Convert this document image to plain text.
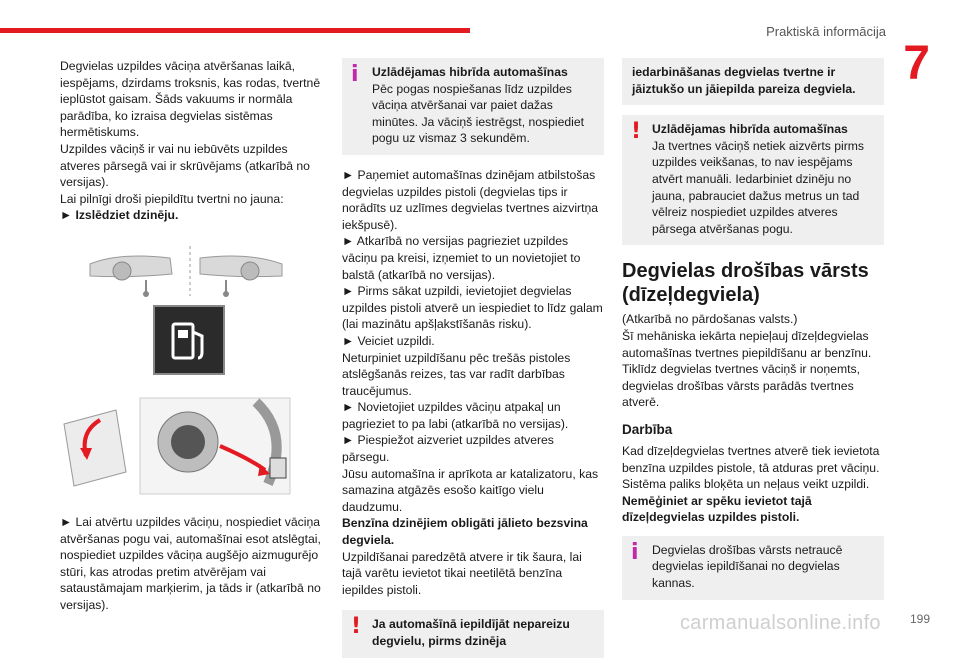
Praktiskā informācija
7

Degvielas uzpildes vāciņa atvēršanas laikā, iespējams, dzirdams troksnis, kas rodas, tvertnē ieplūstot gaisam. Šāds vakuums ir normāla parādība, ko izraisa degvielas sistēmas hermētiskums.

Uzpildes vāciņš ir vai nu iebūvēts uzpildes atveres pārsegā vai ir skrūvējams (atkarībā no versijas).

Lai pilnīgi droši piepildītu tvertni no jauna:

► Izslēdziet dzinēju.

► Lai atvērtu uzpildes vāciņu, nospiediet vāciņa atvēršanas pogu vai, automašīnai esot atslēgtai, nospiediet uzpildes vāciņa augšējo aizmugurējo stūri, kas atrodas pretim atvērējam vai sataustāmajam marķierim, ja tāds ir (atkarībā no versijas).

i Uzlādējamas hibrīda automašīnas

Pēc pogas nospiešanas līdz uzpildes vāciņa atvēršanai var paiet dažas minūtes. Ja vāciņš iestrēgst, nospiediet pogu uz vismaz 3 sekundēm.

► Paņemiet automašīnas dzinējam atbilstošas degvielas uzpildes pistoli (degvielas tips ir norādīts uz uzlīmes degvielas tvertnes aizvirtņa iekšpusē).

► Atkarībā no versijas pagrieziet uzpildes vāciņu pa kreisi, izņemiet to un novietojiet to balstā (atkarībā no versijas).

► Pirms sākat uzpildi, ievietojiet degvielas uzpildes pistoli atverē un iespiediet to līdz galam (lai mazinātu apšļakstīšanās risku).

► Veiciet uzpildi.

Neturpiniet uzpildīšanu pēc trešās pistoles atslēgšanās reizes, tas var radīt darbības traucējumus.

► Novietojiet uzpildes vāciņu atpakaļ un pagrieziet to pa labi (atkarībā no versijas).

► Piespiežot aizveriet uzpildes atveres pārsegu.

Jūsu automašīna ir aprīkota ar katalizatoru, kas samazina atgāzēs esošo kaitīgo vielu daudzumu.

Benzīna dzinējiem obligāti jālieto bezsvina degviela.

Uzpildīšanai paredzētā atvere ir tik šaura, lai tajā varētu ievietot tikai neetilētā benzīna iepildes pistoli.

! Ja automašīnā iepildījāt nepareizu degvielu, pirms dzinēja

iedarbināšanas degvielas tvertne ir jāiztukšo un jāiepilda pareiza degviela.

! Uzlādējamas hibrīda automašīnas

Ja tvertnes vāciņš netiek aizvērts pirms uzpildes veikšanas, to nav iespējams atvērt manuāli. Iedarbiniet dzinēju no jauna, pabrauciet dažus metrus un tad vēlreiz nospiediet uzpildes atveres pārsega atvēršanas pogu.

Degvielas drošības vārsts (dīzeļdegviela)

(Atkarībā no pārdošanas valsts.)

Šī mehāniska iekārta nepieļauj dīzeļdegvielas automašīnas tvertnes piepildīšanu ar benzīnu. Tiklīdz degvielas tvertnes vāciņš ir noņemts, degvielas drošības vārsts parādās tvertnes atverē.

Darbība

Kad dīzeļdegvielas tvertnes atverē tiek ievietota benzīna uzpildes pistole, tā atduras pret vāciņu. Sistēma paliks bloķēta un neļaus veikt uzpildi.

Nemēģiniet ar spēku ievietot tajā dīzeļdegvielas uzpildes pistoli.

i Degvielas drošības vārsts netraucē degvielas iepildīšanai no degvielas kannas.

carmanualsonline.info 199
